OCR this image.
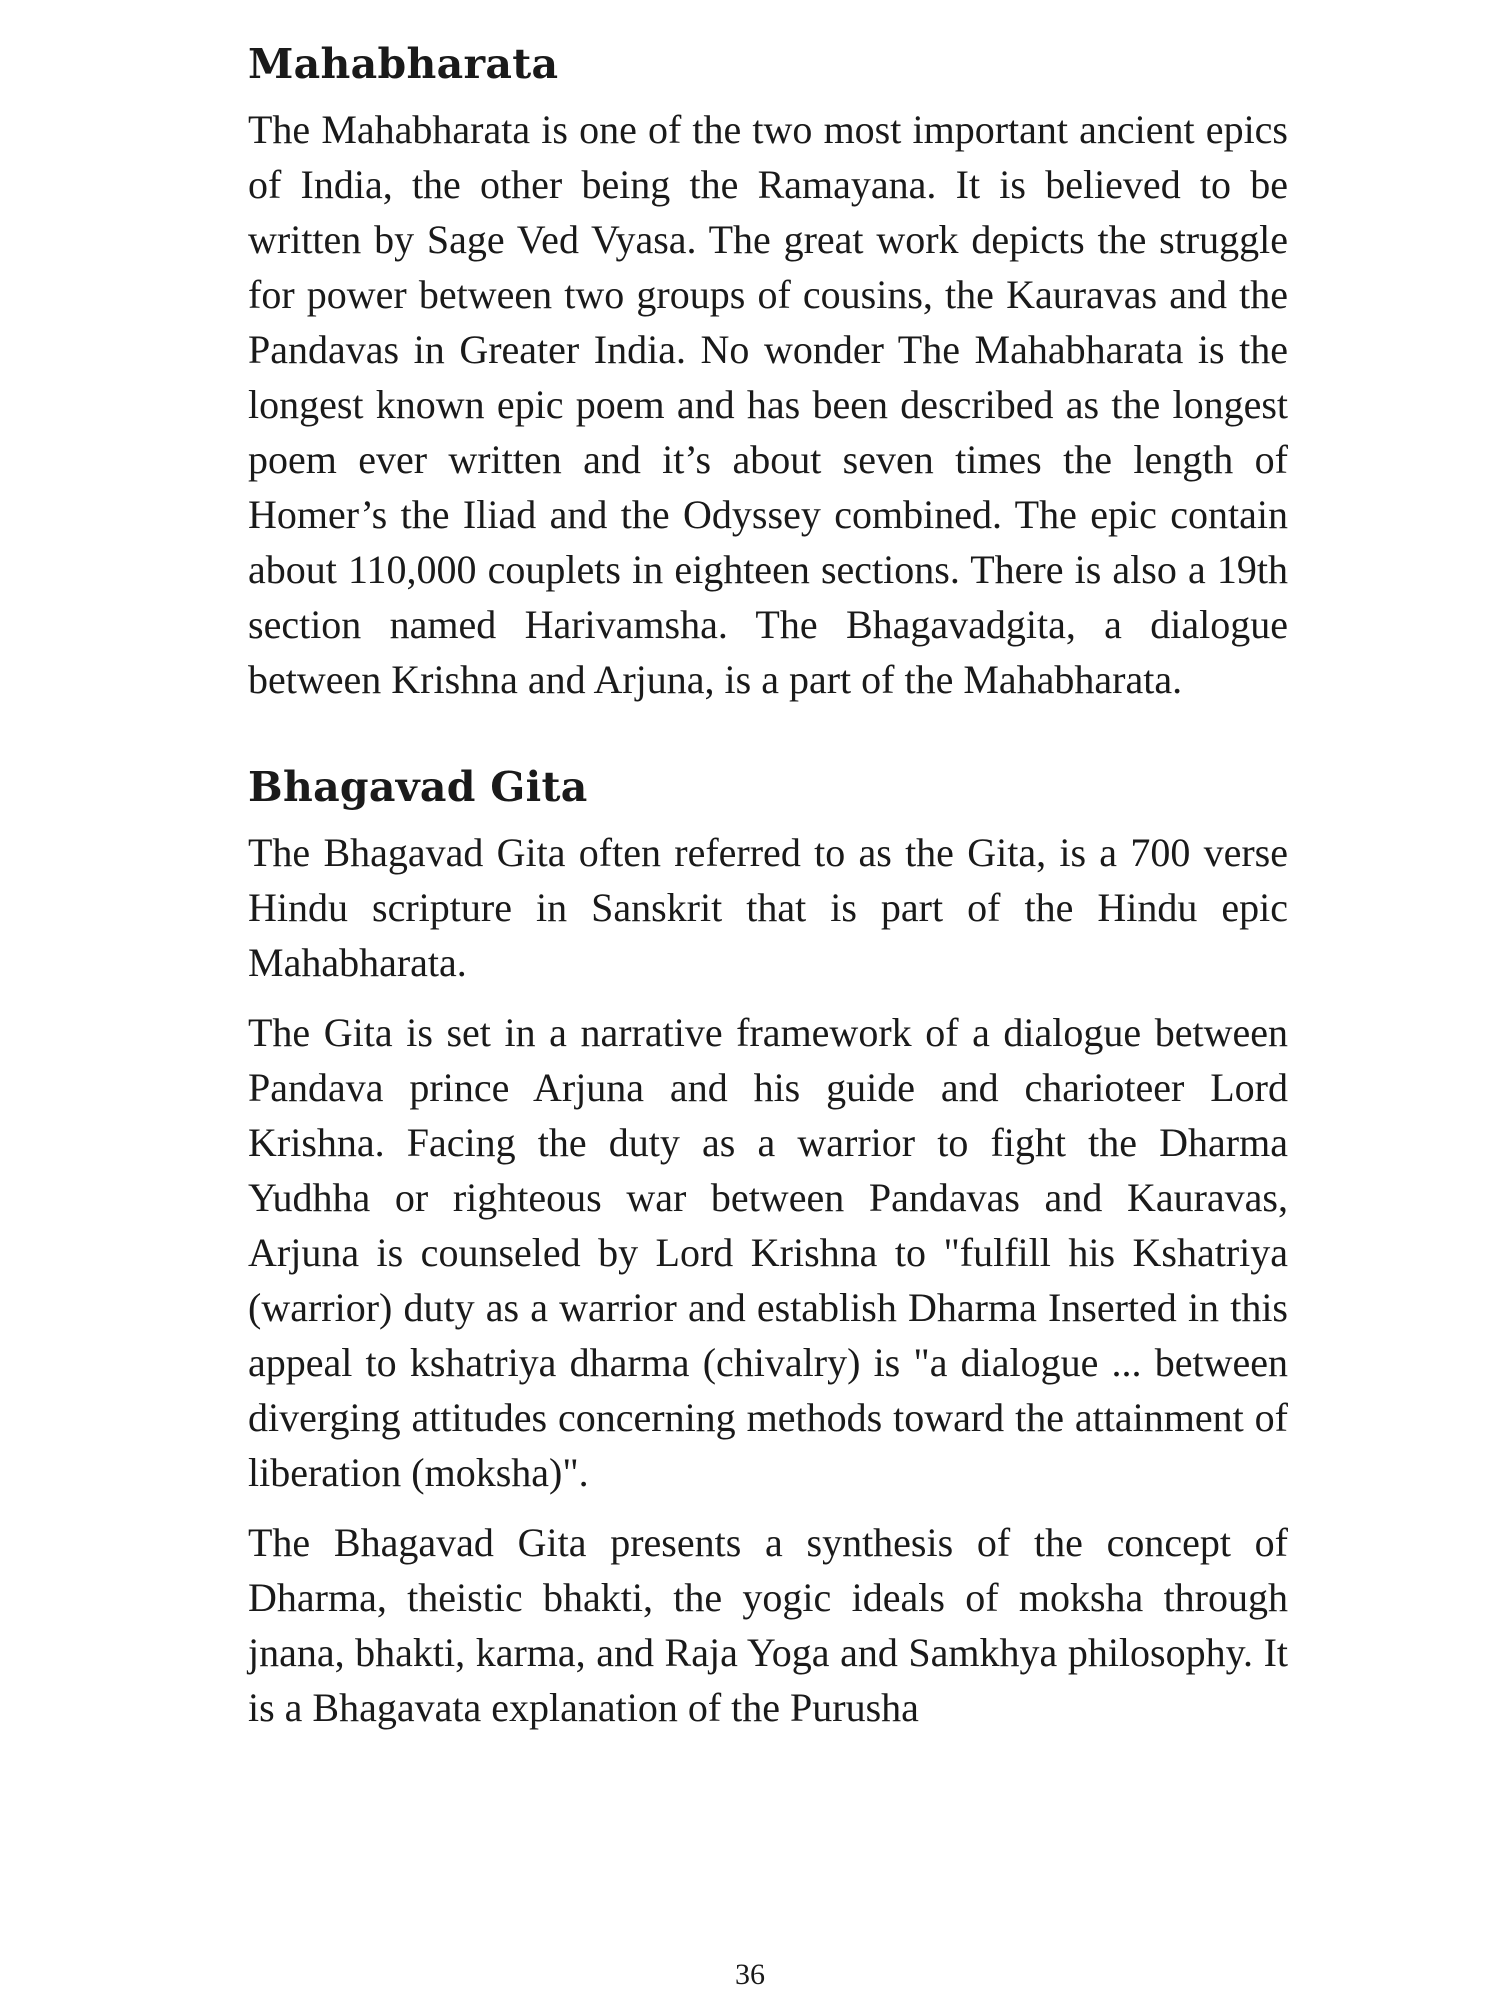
Mahabharata

The Mahabharata is one of the two most important ancient epics of India, the other being the Ramayana. It is believed to be written by Sage Ved Vyasa. The great work depicts the struggle for power between two groups of cousins, the Kauravas and the Pandavas in Greater India. No wonder The Mahabharata is the longest known epic poem and has been described as the longest poem ever written and it’s about seven times the length of Homer’s the Iliad and the Odyssey combined. The epic contain about 110,000 couplets in eighteen sections. There is also a 19th section named Harivamsha. The Bhagavadgita, a dialogue between Krishna and Arjuna, is a part of the Mahabharata.

Bhagavad Gita

The Bhagavad Gita often referred to as the Gita, is a 700 verse Hindu scripture in Sanskrit that is part of the Hindu epic Mahabharata.

The Gita is set in a narrative framework of a dialogue between Pandava prince Arjuna and his guide and charioteer Lord Krishna. Facing the duty as a warrior to fight the Dharma Yudhha or righteous war between Pandavas and Kauravas, Arjuna is counseled by Lord Krishna to "fulfill his Kshatriya (warrior) duty as a warrior and establish Dharma Inserted in this appeal to kshatriya dharma (chivalry) is "a dialogue ... between diverging attitudes concerning methods toward the attainment of liberation (moksha)".

The Bhagavad Gita presents a synthesis of the concept of Dharma, theistic bhakti, the yogic ideals of moksha through jnana, bhakti, karma, and Raja Yoga and Samkhya philosophy. It is a Bhagavata explanation of the Purusha

36
